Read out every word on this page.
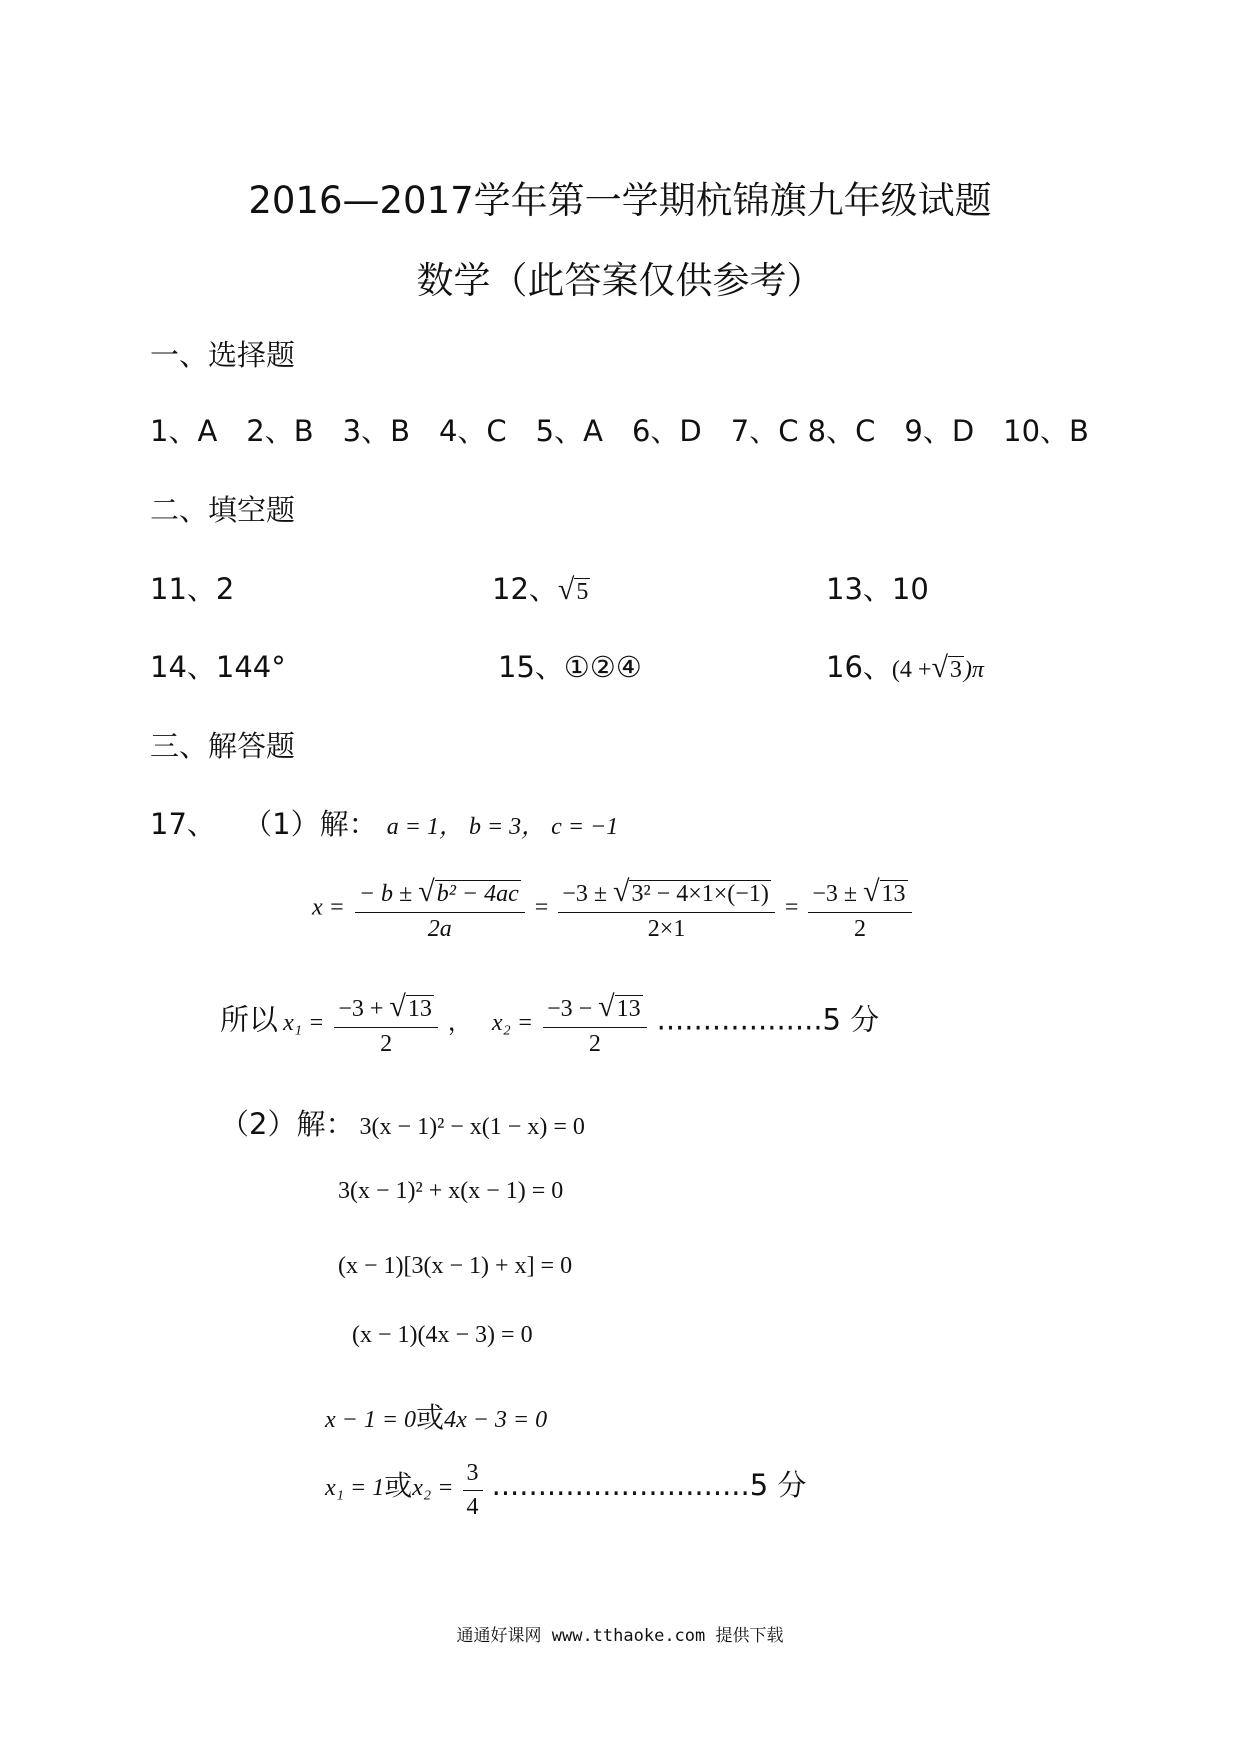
2016—2017学年第一学期杭锦旗九年级试题
数学（此答案仅供参考）
一、选择题
1、A　2、B　3、B　4、C　5、A　6、D　7、C 8、C　9、D　10、B
二、填空题
11、2	12、√5	13、10
14、144°	15、①②④	16、(4 +√3)π
三、解答题
17、 （1）解： a = 1， b = 3， c = −1
$x = \frac{\text{− b ± √b² − 4ac}}{2a} = \frac{\text{−3 ± √3² − 4×1×(−1)}}{2\times 1} = \frac{-3 \pm √13}{2}$
所以 $x_1 = \frac{-3 + √13}{2}$ ， $x_2 = \frac{-3 - √13}{2} ..................5$ 分
（2）解： 3(x − 1)² − x(1 − x) = 0
3(x − 1)² + x(x − 1) = 0
(x − 1)[3(x − 1) + x] = 0
(x − 1)(4x − 3) = 0
x − 1 = 0或4x − 3 = 0
x₁ = 1或$x_2 = \frac{3}{4} ............................5$ 分
通通好课网 www.tthaoke.com 提供下载
